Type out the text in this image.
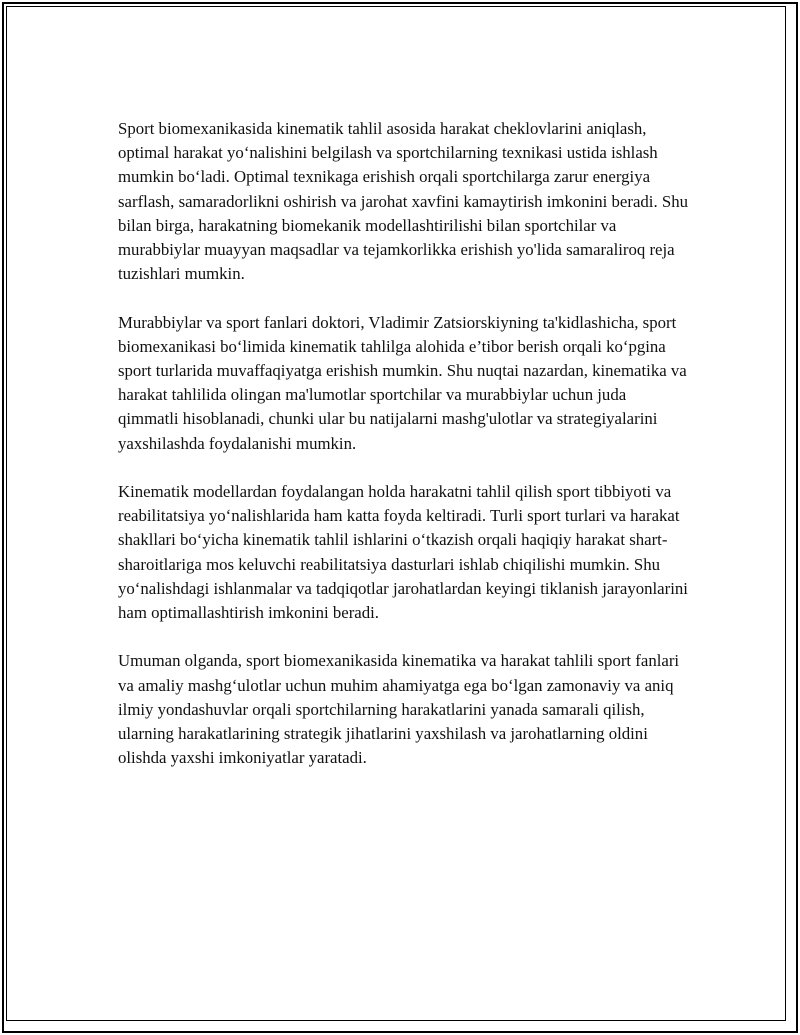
Sport biomexanikasida kinematik tahlil asosida harakat cheklovlarini aniqlash, optimal harakat yo‘nalishini belgilash va sportchilarning texnikasi ustida ishlash mumkin bo‘ladi. Optimal texnikaga erishish orqali sportchilarga zarur energiya sarflash, samaradorlikni oshirish va jarohat xavfini kamaytirish imkonini beradi. Shu bilan birga, harakatning biomekanik modellashtirilishi bilan sportchilar va murabbiylar muayyan maqsadlar va tejamkorlikka erishish yo'lida samaraliroq reja tuzishlari mumkin.

Murabbiylar va sport fanlari doktori, Vladimir Zatsiorskiyning ta'kidlashicha, sport biomexanikasi bo‘limida kinematik tahlilga alohida e’tibor berish orqali ko‘pgina sport turlarida muvaffaqiyatga erishish mumkin. Shu nuqtai nazardan, kinematika va harakat tahlilida olingan ma'lumotlar sportchilar va murabbiylar uchun juda qimmatli hisoblanadi, chunki ular bu natijalarni mashg'ulotlar va strategiyalarini yaxshilashda foydalanishi mumkin.

Kinematik modellardan foydalangan holda harakatni tahlil qilish sport tibbiyoti va reabilitatsiya yo‘nalishlarida ham katta foyda keltiradi. Turli sport turlari va harakat shakllari bo‘yicha kinematik tahlil ishlarini o‘tkazish orqali haqiqiy harakat shart-sharoitlariga mos keluvchi reabilitatsiya dasturlari ishlab chiqilishi mumkin. Shu yo‘nalishdagi ishlanmalar va tadqiqotlar jarohatlardan keyingi tiklanish jarayonlarini ham optimallashtirish imkonini beradi.

Umuman olganda, sport biomexanikasida kinematika va harakat tahlili sport fanlari va amaliy mashg‘ulotlar uchun muhim ahamiyatga ega bo‘lgan zamonaviy va aniq ilmiy yondashuvlar orqali sportchilarning harakatlarini yanada samarali qilish, ularning harakatlarining strategik jihatlarini yaxshilash va jarohatlarning oldini olishda yaxshi imkoniyatlar yaratadi.
